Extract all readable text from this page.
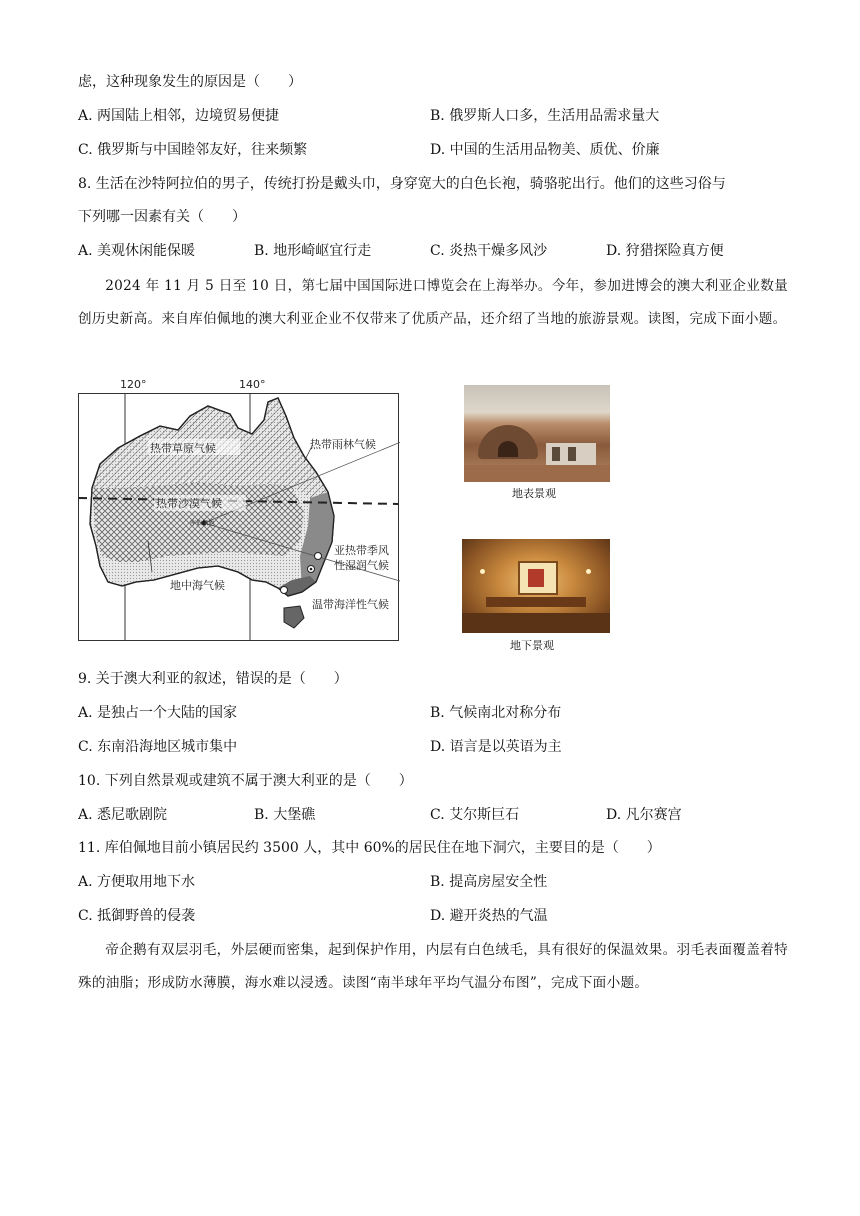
虑，这种现象发生的原因是（　　）
A. 两国陆上相邻，边境贸易便捷	B. 俄罗斯人口多，生活用品需求量大
C. 俄罗斯与中国睦邻友好，往来频繁	D. 中国的生活用品物美、质优、价廉
8. 生活在沙特阿拉伯的男子，传统打扮是戴头巾，身穿宽大的白色长袍，骑骆驼出行。他们的这些习俗与
下列哪一因素有关（　　）
A. 美观休闲能保暖	B. 地形崎岖宜行走	C. 炎热干燥多风沙	D. 狩猎探险真方便
2024 年 11 月 5 日至 10 日，第七届中国国际进口博览会在上海举办。今年，参加进博会的澳大利亚企业数量创历史新高。来自库伯佩地的澳大利亚企业不仅带来了优质产品，还介绍了当地的旅游景观。读图，完成下面小题。
120°	140°
热带草原气候	热带雨林气候
热带沙漠气候
库伯佩地
亚热带季风
性湿润气候
地中海气候
温带海洋性气候
地表景观
地下景观
9. 关于澳大利亚的叙述，错误的是（　　）
A. 是独占一个大陆的国家	B. 气候南北对称分布
C. 东南沿海地区城市集中	D. 语言是以英语为主
10. 下列自然景观或建筑不属于澳大利亚的是（　　）
A. 悉尼歌剧院	B. 大堡礁	C. 艾尔斯巨石	D. 凡尔赛宫
11. 库伯佩地目前小镇居民约 3500 人，其中 60%的居民住在地下洞穴，主要目的是（　　）
A. 方便取用地下水	B. 提高房屋安全性
C. 抵御野兽的侵袭	D. 避开炎热的气温
帝企鹅有双层羽毛，外层硬而密集，起到保护作用，内层有白色绒毛，具有很好的保温效果。羽毛表面覆盖着特殊的油脂；形成防水薄膜，海水难以浸透。读图“南半球年平均气温分布图”，完成下面小题。
